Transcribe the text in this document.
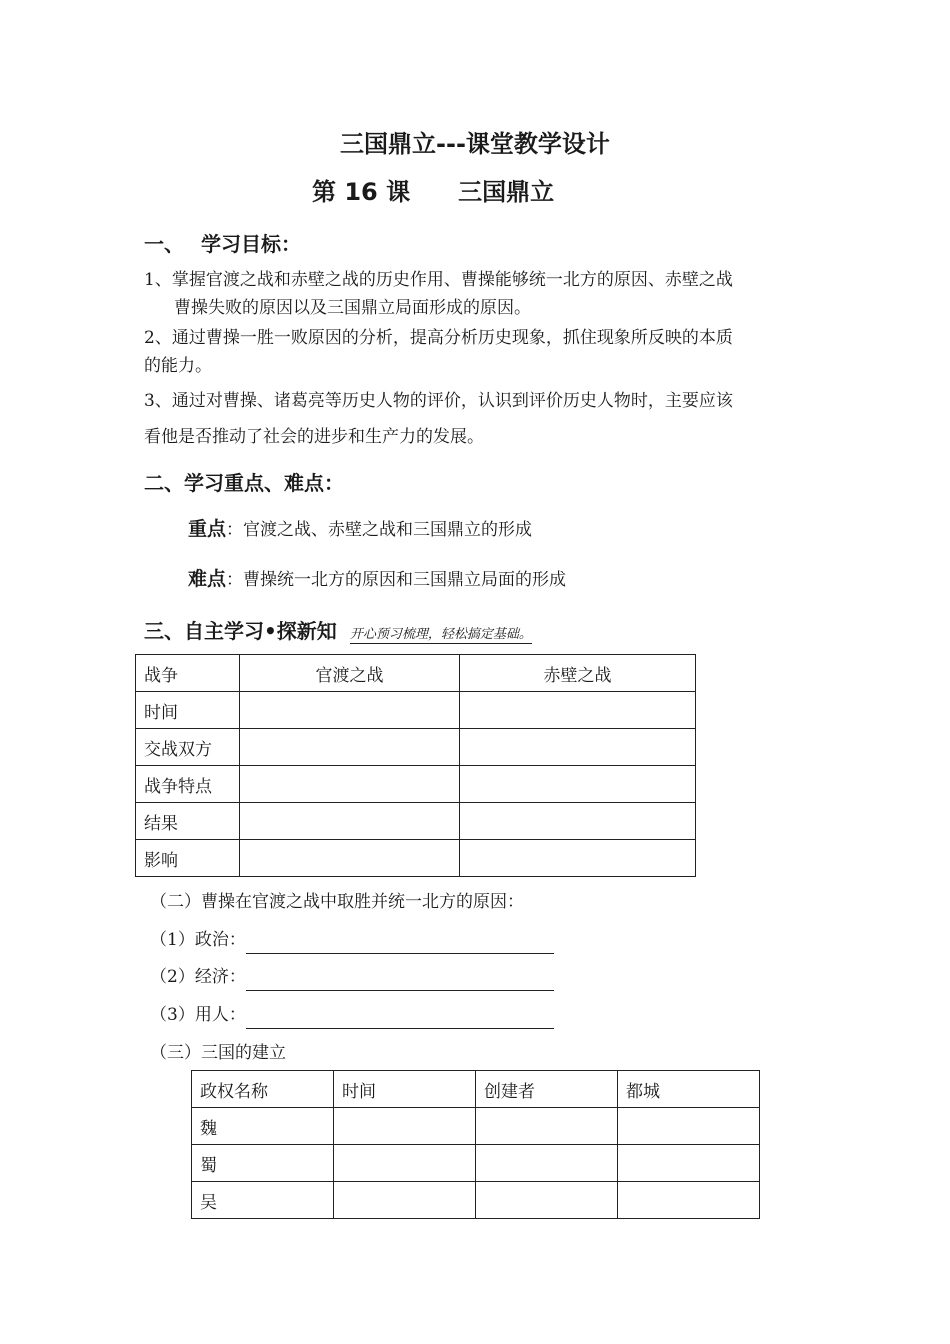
三国鼎立---课堂教学设计
第 16 课 三国鼎立
一、　 学习目标：
1、掌握官渡之战和赤壁之战的历史作用、曹操能够统一北方的原因、赤壁之战
曹操失败的原因以及三国鼎立局面形成的原因。
2、通过曹操一胜一败原因的分析，提高分析历史现象，抓住现象所反映的本质
的能力。
3、通过对曹操、诸葛亮等历史人物的评价，认识到评价历史人物时，主要应该
看他是否推动了社会的进步和生产力的发展。
二、学习重点、难点：
重点：官渡之战、赤壁之战和三国鼎立的形成
难点：曹操统一北方的原因和三国鼎立局面的形成
三、自主学习•探新知 开心预习梳理，轻松搞定基础。
战争	官渡之战	赤壁之战
时间		
交战双方		
战争特点		
结果		
影响		
（二）曹操在官渡之战中取胜并统一北方的原因：
（1）政治：
（2）经济：
（3）用人：
（三）三国的建立
政权名称	时间	创建者	都城
魏			
蜀			
吴			
